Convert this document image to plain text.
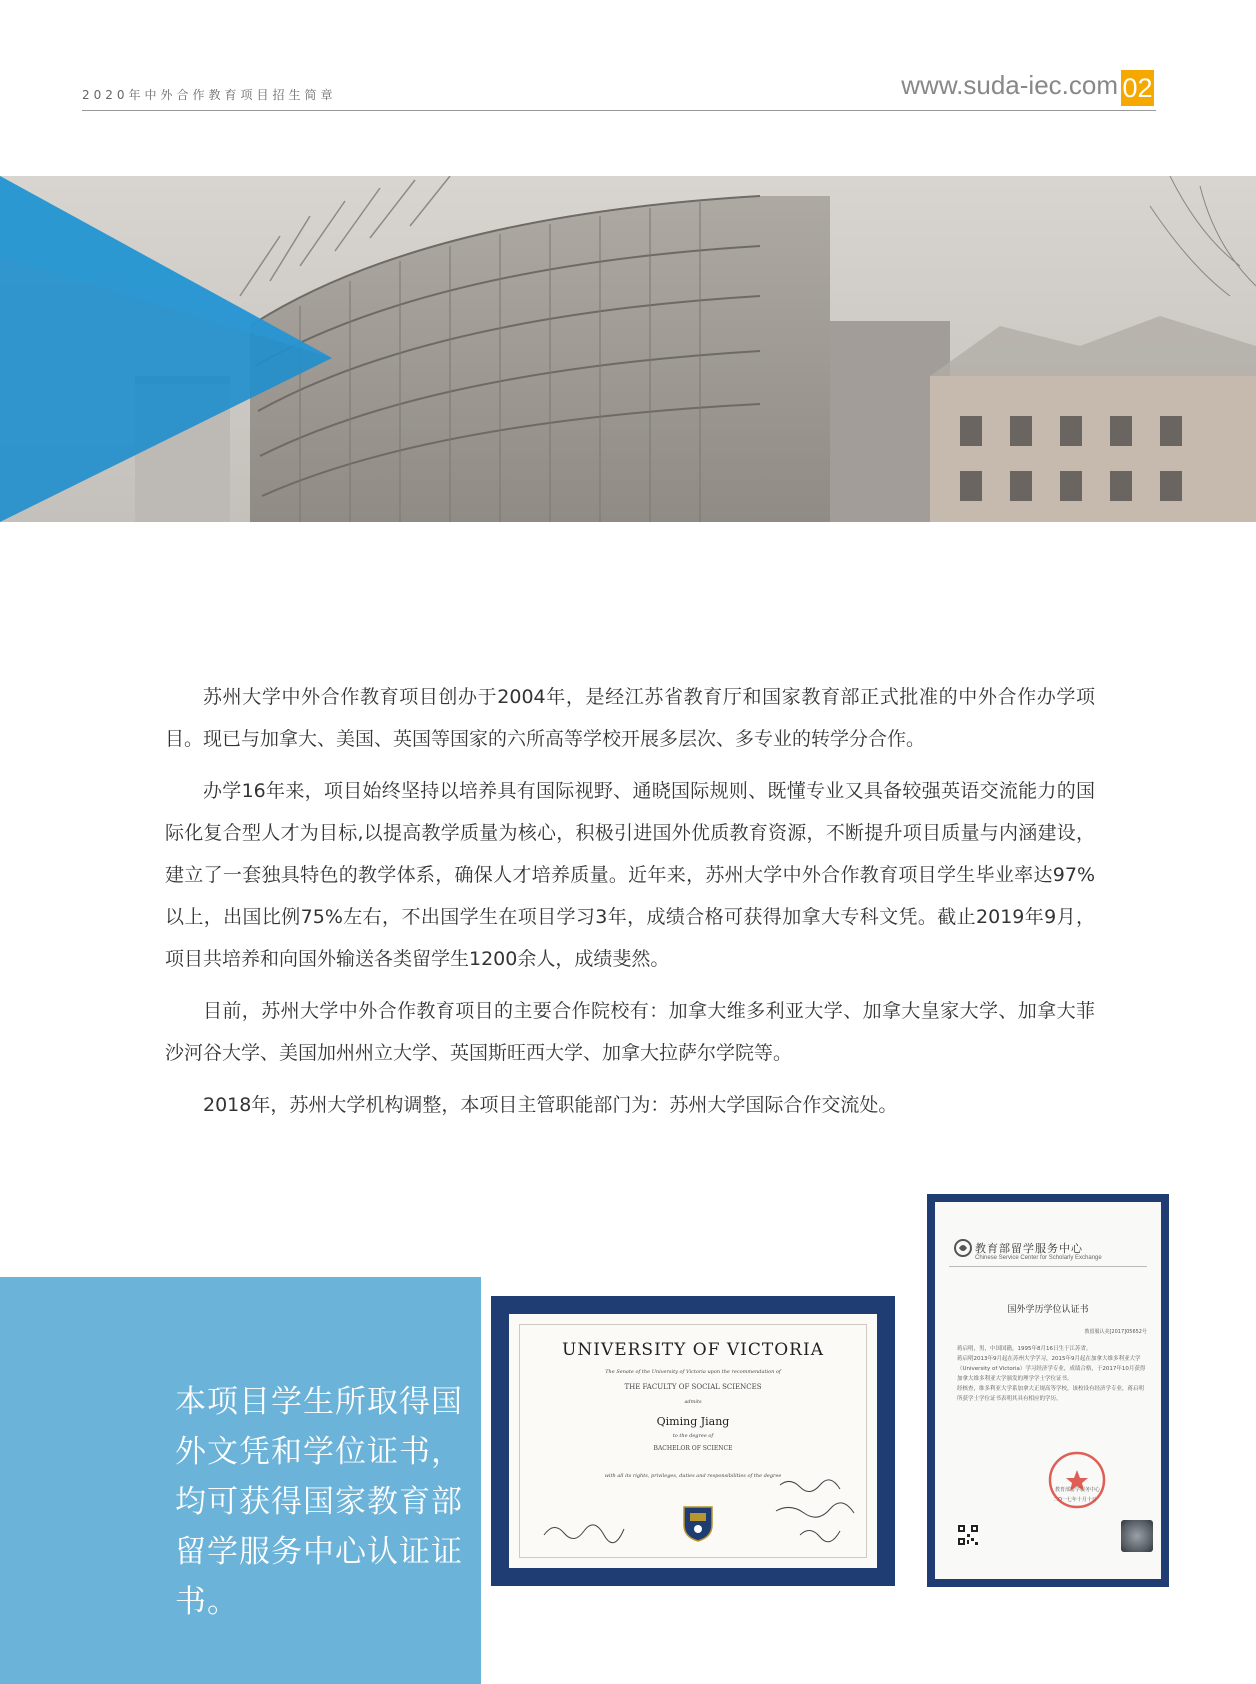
2020年中外合作教育项目招生简章	www.suda-iec.com 02

苏州大学中外合作教育项目创办于2004年，是经江苏省教育厅和国家教育部正式批准的中外合作办学项目。现已与加拿大、美国、英国等国家的六所高等学校开展多层次、多专业的转学分合作。

办学16年来，项目始终坚持以培养具有国际视野、通晓国际规则、既懂专业又具备较强英语交流能力的国际化复合型人才为目标,以提高教学质量为核心，积极引进国外优质教育资源，不断提升项目质量与内涵建设，建立了一套独具特色的教学体系，确保人才培养质量。近年来，苏州大学中外合作教育项目学生毕业率达97%以上，出国比例75%左右，不出国学生在项目学习3年，成绩合格可获得加拿大专科文凭。截止2019年9月，项目共培养和向国外输送各类留学生1200余人，成绩斐然。

目前，苏州大学中外合作教育项目的主要合作院校有：加拿大维多利亚大学、加拿大皇家大学、加拿大菲沙河谷大学、美国加州州立大学、英国斯旺西大学、加拿大拉萨尔学院等。

2018年，苏州大学机构调整，本项目主管职能部门为：苏州大学国际合作交流处。

本项目学生所取得国外文凭和学位证书，均可获得国家教育部留学服务中心认证证书。
UNIVERSITY OF VICTORIA
The Senate of the University of Victoria upon the recommendation of
THE FACULTY OF SOCIAL SCIENCES
admits
Qiming Jiang
to the degree of
BACHELOR OF SCIENCE
with all its rights, privileges, duties and responsibilities of the degree
教育部留学服务中心
Chinese Service Center for Scholarly Exchange
国外学历学位认证书
教留服认美[2017]05652号
蒋启明，男，中国国籍，1995年8月16日生于江苏省。
蒋启明2013年9月起在苏州大学学习，2015年9月起在加拿大维多利亚大学（University of Victoria）学习经济学专业，成绩合格，于2017年10月获得加拿大维多利亚大学颁发的理学学士学位证书。
经核查，维多利亚大学系加拿大正规高等学校，该校设有经济学专业，蒋启明所获学士学位证书表明其具有相应的学历。
教育部留学服务中心
二O一七年十月十日
